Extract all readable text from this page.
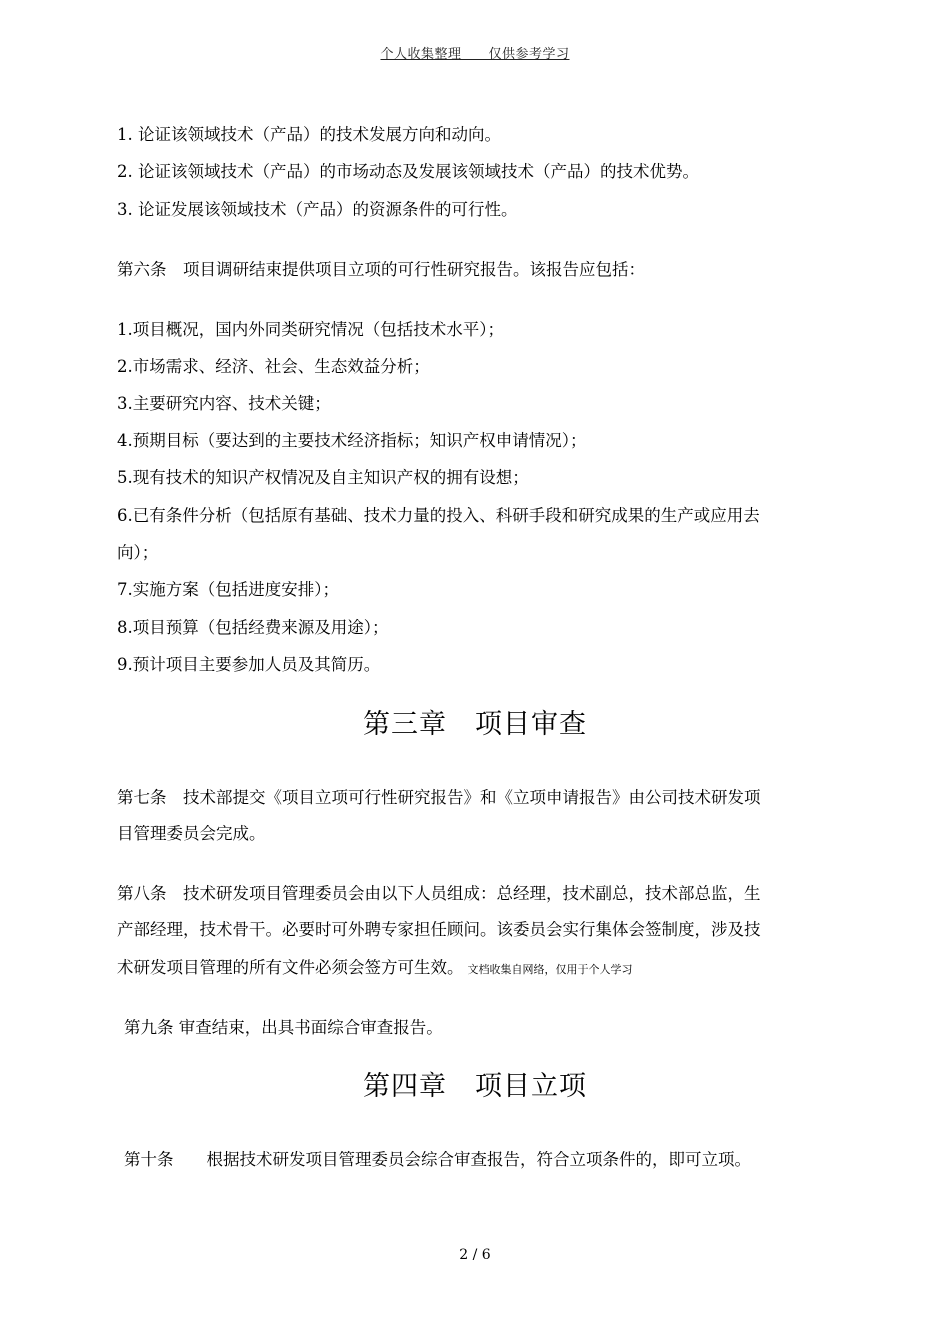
个人收集整理＿＿仅供参考学习
1. 论证该领域技术（产品）的技术发展方向和动向。
2. 论证该领域技术（产品）的市场动态及发展该领域技术（产品）的技术优势。
3. 论证发展该领域技术（产品）的资源条件的可行性。
第六条　项目调研结束提供项目立项的可行性研究报告。该报告应包括：
1.项目概况，国内外同类研究情况（包括技术水平）；
2.市场需求、经济、社会、生态效益分析；
3.主要研究内容、技术关键；
4.预期目标（要达到的主要技术经济指标；知识产权申请情况）；
5.现有技术的知识产权情况及自主知识产权的拥有设想；
6.已有条件分析（包括原有基础、技术力量的投入、科研手段和研究成果的生产或应用去
向）；
7.实施方案（包括进度安排）；
8.项目预算（包括经费来源及用途）；
9.预计项目主要参加人员及其简历。
第三章　项目审查
第七条　技术部提交《项目立项可行性研究报告》和《立项申请报告》由公司技术研发项
目管理委员会完成。
第八条　技术研发项目管理委员会由以下人员组成：总经理，技术副总，技术部总监，生
产部经理，技术骨干。必要时可外聘专家担任顾问。该委员会实行集体会签制度，涉及技
术研发项目管理的所有文件必须会签方可生效。 文档收集自网络，仅用于个人学习
第九条 审查结束，出具书面综合审查报告。
第四章　项目立项
第十条　　根据技术研发项目管理委员会综合审查报告，符合立项条件的，即可立项。
2 / 6
